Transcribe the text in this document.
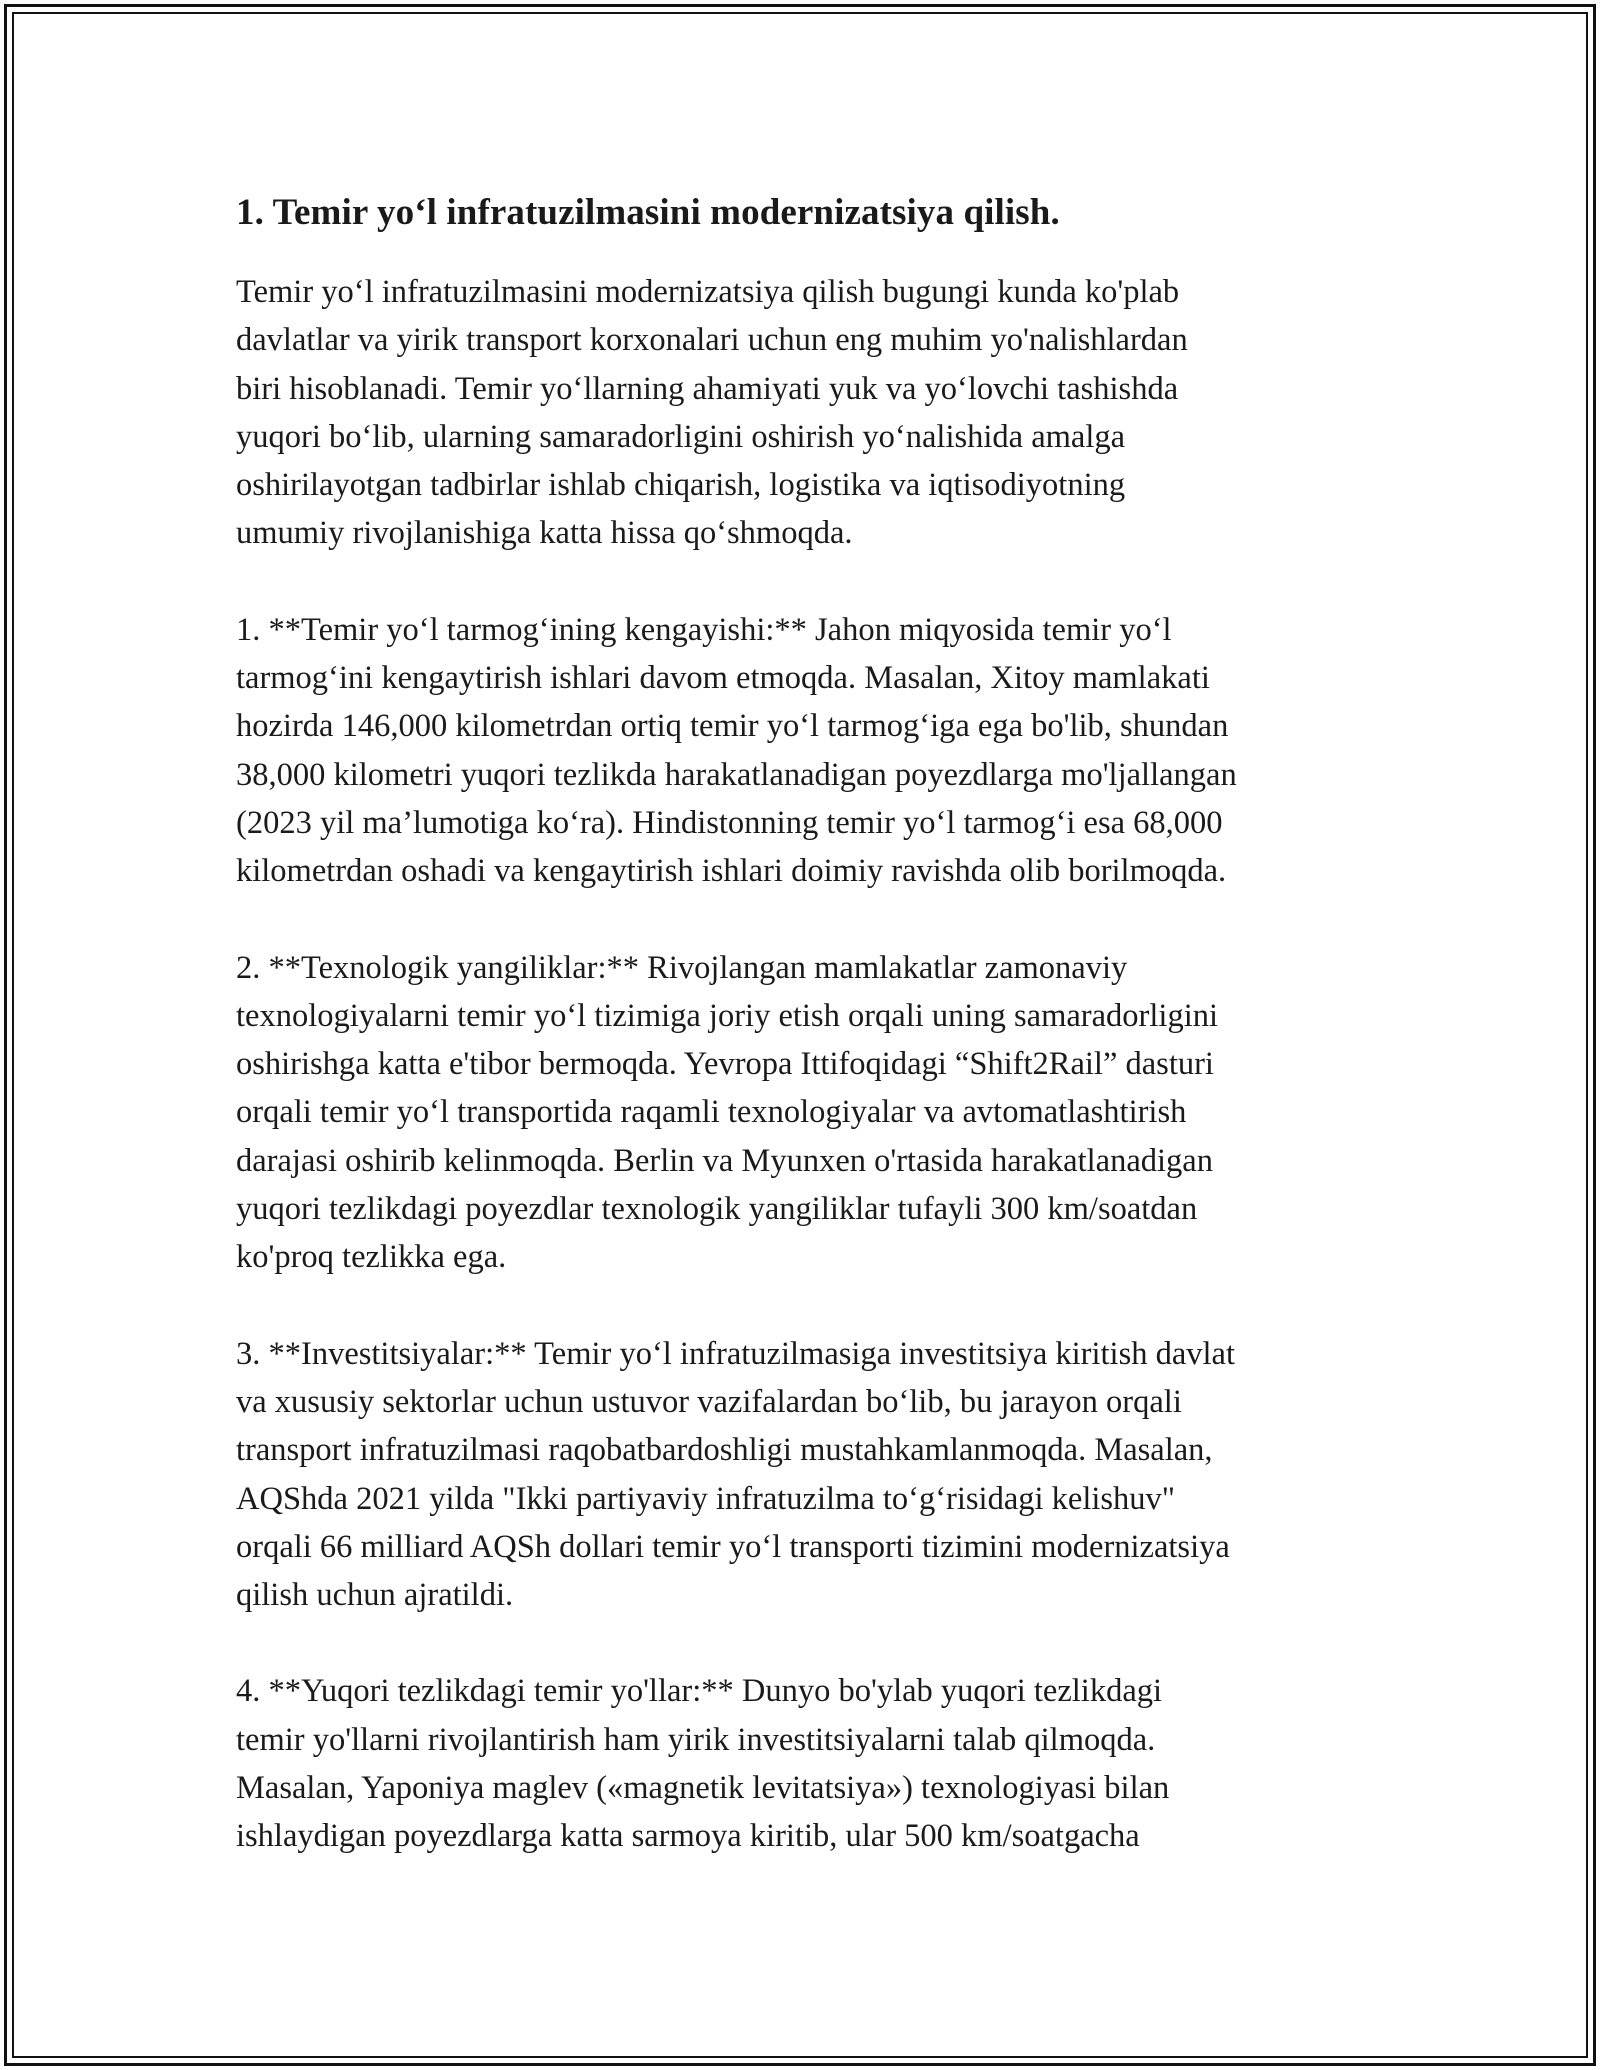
1. Temir yo‘l infratuzilmasini modernizatsiya qilish.

Temir yo‘l infratuzilmasini modernizatsiya qilish bugungi kunda ko'plab
davlatlar va yirik transport korxonalari uchun eng muhim yo'nalishlardan
biri hisoblanadi. Temir yo‘llarning ahamiyati yuk va yo‘lovchi tashishda
yuqori bo‘lib, ularning samaradorligini oshirish yo‘nalishida amalga
oshirilayotgan tadbirlar ishlab chiqarish, logistika va iqtisodiyotning
umumiy rivojlanishiga katta hissa qo‘shmoqda.

1. **Temir yo‘l tarmog‘ining kengayishi:** Jahon miqyosida temir yo‘l
tarmog‘ini kengaytirish ishlari davom etmoqda. Masalan, Xitoy mamlakati
hozirda 146,000 kilometrdan ortiq temir yo‘l tarmog‘iga ega bo'lib, shundan
38,000 kilometri yuqori tezlikda harakatlanadigan poyezdlarga mo'ljallangan
(2023 yil ma’lumotiga ko‘ra). Hindistonning temir yo‘l tarmog‘i esa 68,000
kilometrdan oshadi va kengaytirish ishlari doimiy ravishda olib borilmoqda.

2. **Texnologik yangiliklar:** Rivojlangan mamlakatlar zamonaviy
texnologiyalarni temir yo‘l tizimiga joriy etish orqali uning samaradorligini
oshirishga katta e'tibor bermoqda. Yevropa Ittifoqidagi “Shift2Rail” dasturi
orqali temir yo‘l transportida raqamli texnologiyalar va avtomatlashtirish
darajasi oshirib kelinmoqda. Berlin va Myunxen o'rtasida harakatlanadigan
yuqori tezlikdagi poyezdlar texnologik yangiliklar tufayli 300 km/soatdan
ko'proq tezlikka ega.

3. **Investitsiyalar:** Temir yo‘l infratuzilmasiga investitsiya kiritish davlat
va xususiy sektorlar uchun ustuvor vazifalardan bo‘lib, bu jarayon orqali
transport infratuzilmasi raqobatbardoshligi mustahkamlanmoqda. Masalan,
AQShda 2021 yilda "Ikki partiyaviy infratuzilma to‘g‘risidagi kelishuv"
orqali 66 milliard AQSh dollari temir yo‘l transporti tizimini modernizatsiya
qilish uchun ajratildi.

4. **Yuqori tezlikdagi temir yo'llar:** Dunyo bo'ylab yuqori tezlikdagi
temir yo'llarni rivojlantirish ham yirik investitsiyalarni talab qilmoqda.
Masalan, Yaponiya maglev («magnetik levitatsiya») texnologiyasi bilan
ishlaydigan poyezdlarga katta sarmoya kiritib, ular 500 km/soatgacha
